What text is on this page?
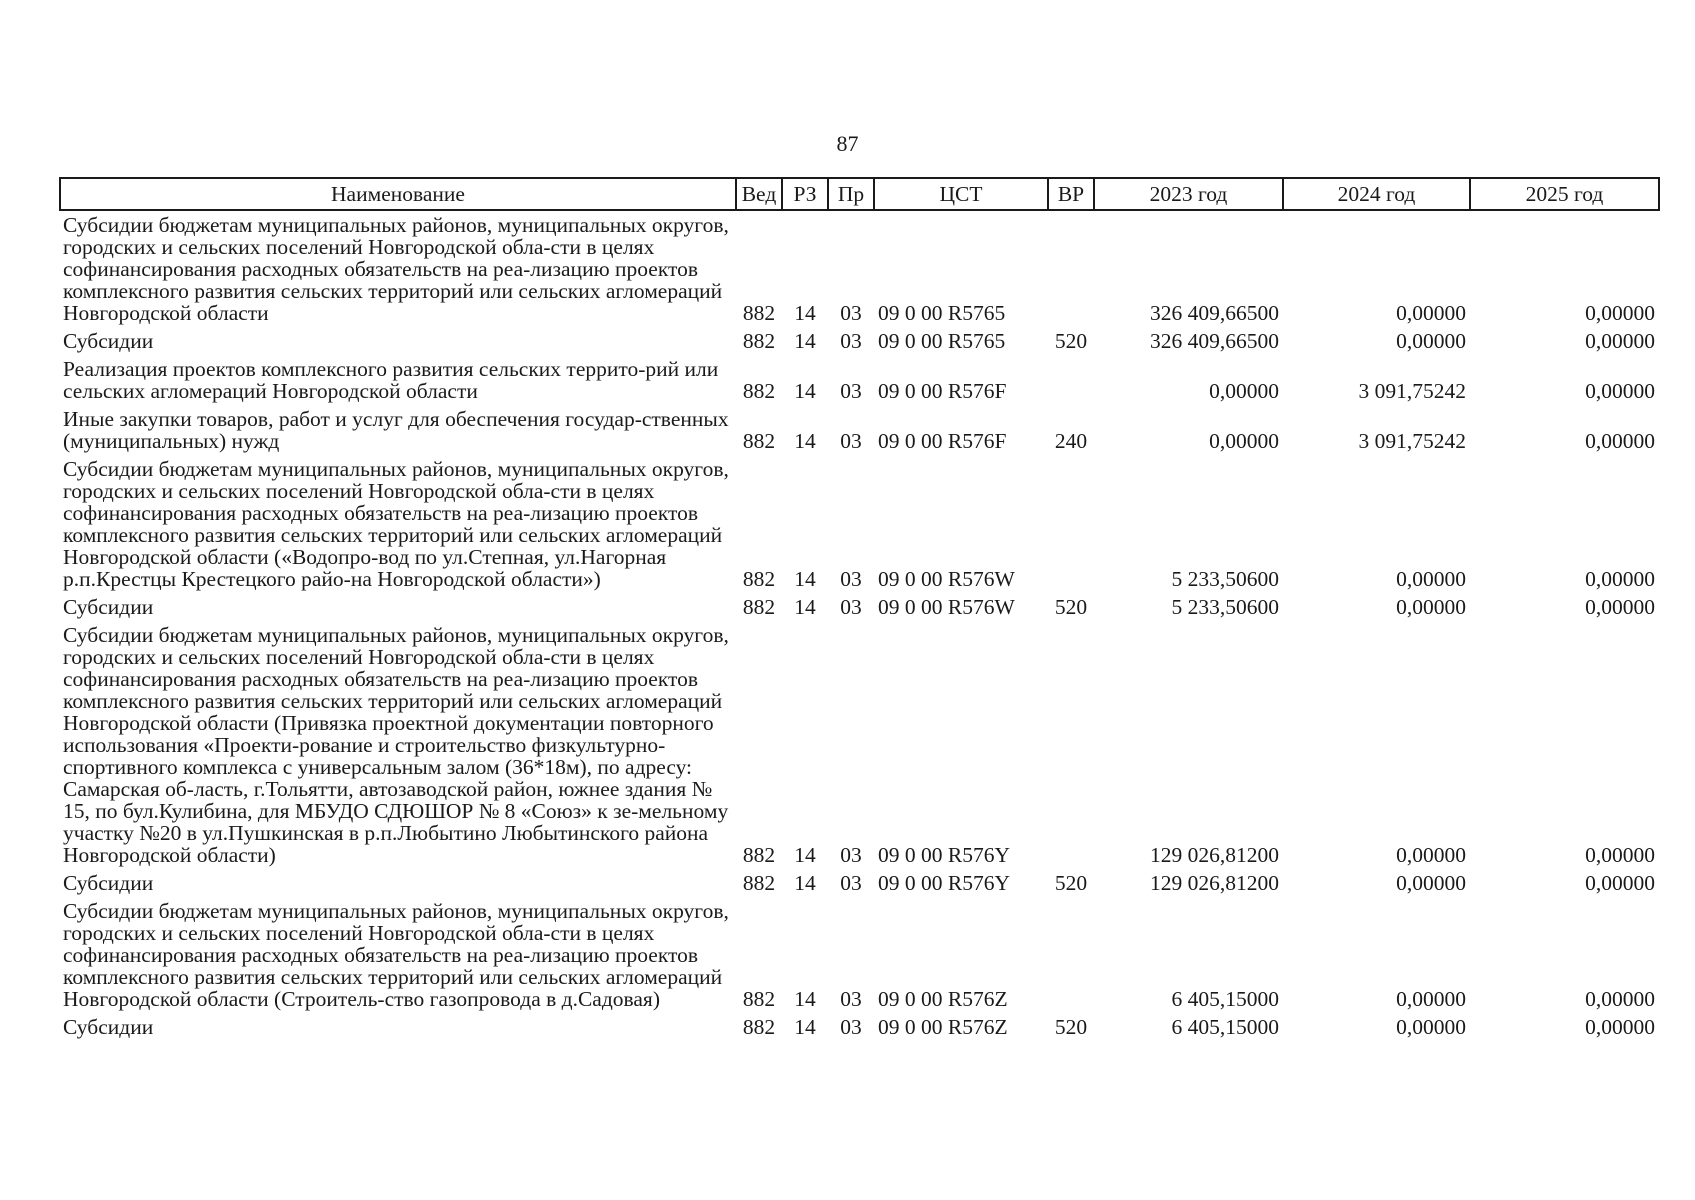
87
Наименование	Вед	РЗ	Пр	ЦСТ	ВР	2023 год	2024 год	2025 год
Субсидии бюджетам муниципальных районов, муниципальных округов, городских и сельских поселений Новгородской обла-сти в целях софинансирования расходных обязательств на реа-лизацию проектов комплексного развития сельских территорий или сельских агломераций Новгородской области	882	14	03	09 0 00 R5765		326 409,66500	0,00000	0,00000
Субсидии	882	14	03	09 0 00 R5765	520	326 409,66500	0,00000	0,00000
Реализация проектов комплексного развития сельских террито-рий или сельских агломераций Новгородской области	882	14	03	09 0 00 R576F		0,00000	3 091,75242	0,00000
Иные закупки товаров, работ и услуг для обеспечения государ-ственных (муниципальных) нужд	882	14	03	09 0 00 R576F	240	0,00000	3 091,75242	0,00000
Субсидии бюджетам муниципальных районов, муниципальных округов, городских и сельских поселений Новгородской обла-сти в целях софинансирования расходных обязательств на реа-лизацию проектов комплексного развития сельских территорий или сельских агломераций Новгородской области («Водопро-вод по ул.Степная, ул.Нагорная р.п.Крестцы Крестецкого райо-на Новгородской области»)	882	14	03	09 0 00 R576W		5 233,50600	0,00000	0,00000
Субсидии	882	14	03	09 0 00 R576W	520	5 233,50600	0,00000	0,00000
Субсидии бюджетам муниципальных районов, муниципальных округов, городских и сельских поселений Новгородской обла-сти в целях софинансирования расходных обязательств на реа-лизацию проектов комплексного развития сельских территорий или сельских агломераций Новгородской области (Привязка проектной документации повторного использования «Проекти-рование и строительство физкультурно- спортивного комплекса с универсальным залом (36*18м), по адресу: Самарская об-ласть, г.Тольятти, автозаводской район, южнее здания № 15, по бул.Кулибина, для МБУДО СДЮШОР № 8 «Союз» к зе-мельному участку №20 в ул.Пушкинская в р.п.Любытино Любытинского района Новгородской области)	882	14	03	09 0 00 R576Y		129 026,81200	0,00000	0,00000
Субсидии	882	14	03	09 0 00 R576Y	520	129 026,81200	0,00000	0,00000
Субсидии бюджетам муниципальных районов, муниципальных округов, городских и сельских поселений Новгородской обла-сти в целях софинансирования расходных обязательств на реа-лизацию проектов комплексного развития сельских территорий или сельских агломераций Новгородской области (Строитель-ство газопровода в д.Садовая)	882	14	03	09 0 00 R576Z		6 405,15000	0,00000	0,00000
Субсидии	882	14	03	09 0 00 R576Z	520	6 405,15000	0,00000	0,00000
